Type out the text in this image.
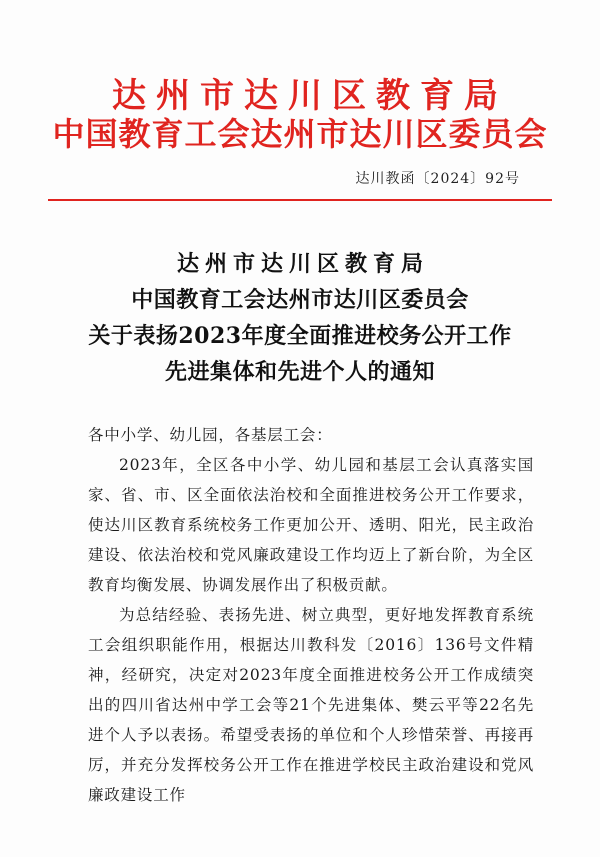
达州市达川区教育局
中国教育工会达州市达川区委员会
达川教函〔2024〕92号
达州市达川区教育局
中国教育工会达州市达川区委员会
关于表扬2023年度全面推进校务公开工作
先进集体和先进个人的通知

各中小学、幼儿园，各基层工会：

2023年，全区各中小学、幼儿园和基层工会认真落实国家、省、市、区全面依法治校和全面推进校务公开工作要求，使达川区教育系统校务工作更加公开、透明、阳光，民主政治建设、依法治校和党风廉政建设工作均迈上了新台阶，为全区教育均衡发展、协调发展作出了积极贡献。

为总结经验、表扬先进、树立典型，更好地发挥教育系统工会组织职能作用，根据达川教科发〔2016〕136号文件精神，经研究，决定对2023年度全面推进校务公开工作成绩突出的四川省达州中学工会等21个先进集体、樊云平等22名先进个人予以表扬。希望受表扬的单位和个人珍惜荣誉、再接再厉，并充分发挥校务公开工作在推进学校民主政治建设和党风廉政建设工作
